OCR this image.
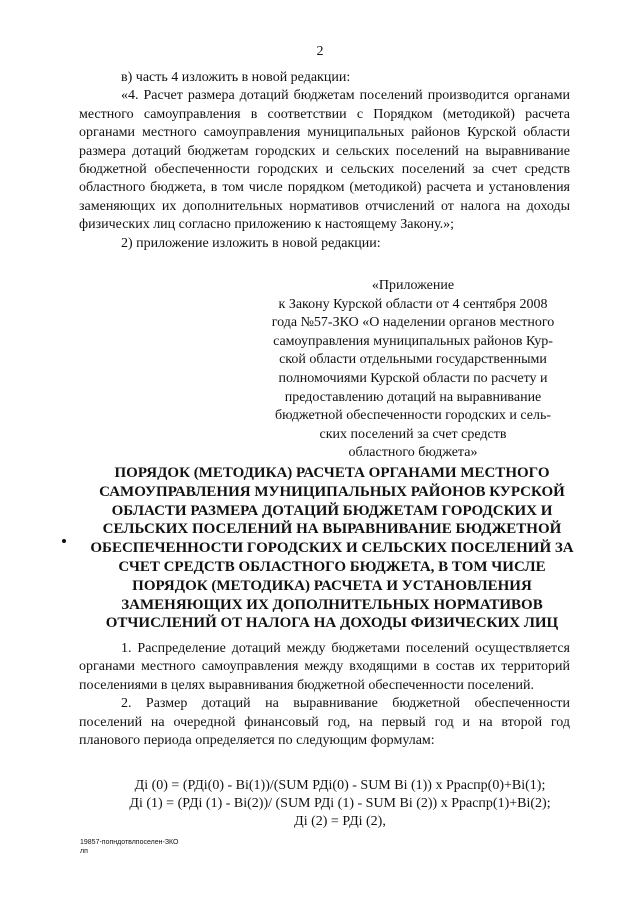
2

в) часть 4 изложить в новой редакции:

«4. Расчет размера дотаций бюджетам поселений производится органами местного самоуправления в соответствии с Порядком (методикой) расчета органами местного самоуправления муниципальных районов Курской области размера дотаций бюджетам городских и сельских поселений на выравнивание бюджетной обеспеченности городских и сельских поселений за счет средств областного бюджета, в том числе порядком (методикой) расчета и установления заменяющих их дополнительных нормативов отчислений от налога на доходы физических лиц согласно приложению к настоящему Закону.»;

2) приложение изложить в новой редакции:

«Приложение
к Закону Курской области от 4 сентября 2008
года №57-ЗКО «О наделении органов местного
самоуправления муниципальных районов Кур-
ской области отдельными государственными
полномочиями Курской области по расчету и
предоставлению дотаций на выравнивание
бюджетной обеспеченности городских и сель-
ских поселений за счет средств
областного бюджета»
ПОРЯДОК (МЕТОДИКА) РАСЧЕТА ОРГАНАМИ МЕСТНОГО САМОУПРАВЛЕНИЯ МУНИЦИПАЛЬНЫХ РАЙОНОВ КУРСКОЙ ОБЛАСТИ РАЗМЕРА ДОТАЦИЙ БЮДЖЕТАМ ГОРОДСКИХ И СЕЛЬСКИХ ПОСЕЛЕНИЙ НА ВЫРАВНИВАНИЕ БЮДЖЕТНОЙ ОБЕСПЕЧЕННОСТИ ГОРОДСКИХ И СЕЛЬСКИХ ПОСЕЛЕНИЙ ЗА СЧЕТ СРЕДСТВ ОБЛАСТНОГО БЮДЖЕТА, В ТОМ ЧИСЛЕ ПОРЯДОК (МЕТОДИКА) РАСЧЕТА И УСТАНОВЛЕНИЯ ЗАМЕНЯЮЩИХ ИХ ДОПОЛНИТЕЛЬНЫХ НОРМАТИВОВ ОТЧИСЛЕНИЙ ОТ НАЛОГА НА ДОХОДЫ ФИЗИЧЕСКИХ ЛИЦ

1. Распределение дотаций между бюджетами поселений осуществляется органами местного самоуправления между входящими в состав их территорий поселениями в целях выравнивания бюджетной обеспеченности поселений.

2. Размер дотаций на выравнивание бюджетной обеспеченности поселений на очередной финансовый год, на первый год и на второй год планового периода определяется по следующим формулам:

Дi (0) = (РДi(0) - Bi(1))/(SUM РДi(0) - SUM Bi (1)) x Pраспр(0)+Bi(1);

Дi (1) = (РДi (1) - Bi(2))/ (SUM РДi (1) - SUM Bi (2)) x Pраспр(1)+Bi(2);

Дi (2) = РДi (2),

19857-попндотвлпоселен-ЗКО
лп
